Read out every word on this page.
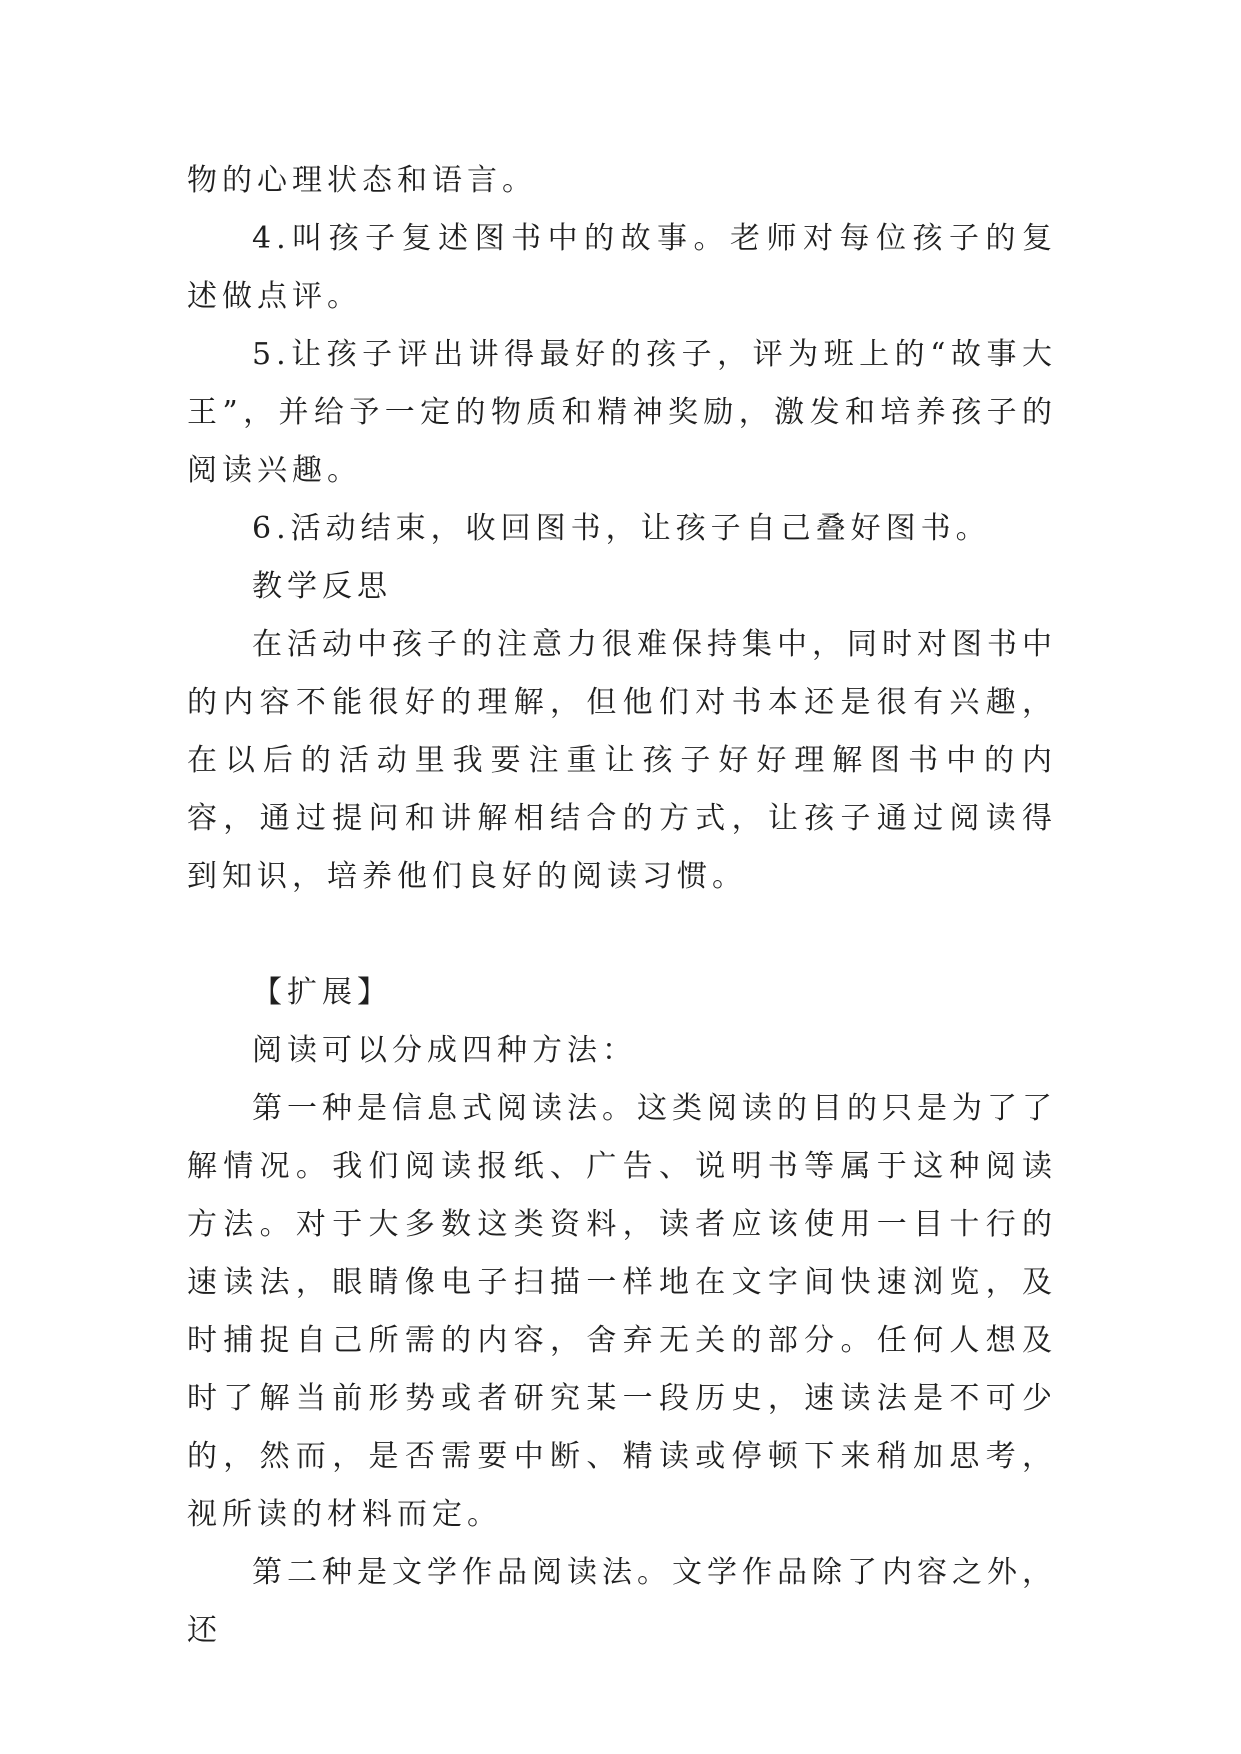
物的心理状态和语言。

4.叫孩子复述图书中的故事。老师对每位孩子的复述做点评。

5.让孩子评出讲得最好的孩子，评为班上的“故事大王”，并给予一定的物质和精神奖励，激发和培养孩子的阅读兴趣。

6.活动结束，收回图书，让孩子自己叠好图书。

教学反思

在活动中孩子的注意力很难保持集中，同时对图书中的内容不能很好的理解，但他们对书本还是很有兴趣，在以后的活动里我要注重让孩子好好理解图书中的内容，通过提问和讲解相结合的方式，让孩子通过阅读得到知识，培养他们良好的阅读习惯。

【扩展】

阅读可以分成四种方法：

第一种是信息式阅读法。这类阅读的目的只是为了了解情况。我们阅读报纸、广告、说明书等属于这种阅读方法。对于大多数这类资料，读者应该使用一目十行的速读法，眼睛像电子扫描一样地在文字间快速浏览，及时捕捉自己所需的内容，舍弃无关的部分。任何人想及时了解当前形势或者研究某一段历史，速读法是不可少的，然而，是否需要中断、精读或停顿下来稍加思考，视所读的材料而定。

第二种是文学作品阅读法。文学作品除了内容之外，还
